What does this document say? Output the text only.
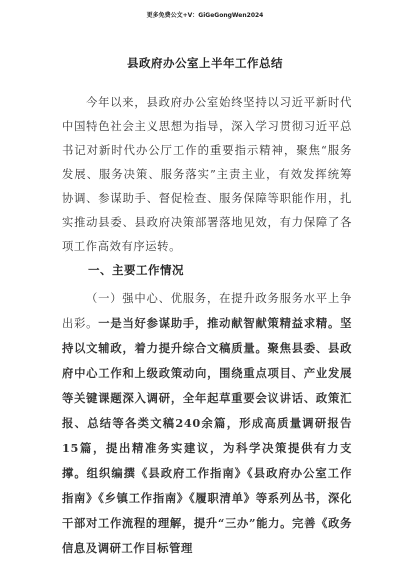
更多免费公文+V：GiGeGongWen2024
县政府办公室上半年工作总结

今年以来，县政府办公室始终坚持以习近平新时代中国特色社会主义思想为指导，深入学习贯彻习近平总书记对新时代办公厅工作的重要指示精神，聚焦“服务发展、服务决策、服务落实”主责主业，有效发挥统筹协调、参谋助手、督促检查、服务保障等职能作用，扎实推动县委、县政府决策部署落地见效，有力保障了各项工作高效有序运转。

一、主要工作情况

（一）强中心、优服务，在提升政务服务水平上争出彩。一是当好参谋助手，推动献智献策精益求精。坚持以文辅政，着力提升综合文稿质量。聚焦县委、县政府中心工作和上级政策动向，围绕重点项目、产业发展等关键课题深入调研，全年起草重要会议讲话、政策汇报、总结等各类文稿240余篇，形成高质量调研报告15篇，提出精准务实建议，为科学决策提供有力支撑。组织编撰《县政府工作指南》《县政府办公室工作指南》《乡镇工作指南》《履职清单》等系列丛书，深化干部对工作流程的理解，提升“三办”能力。完善《政务信息及调研工作目标管理
